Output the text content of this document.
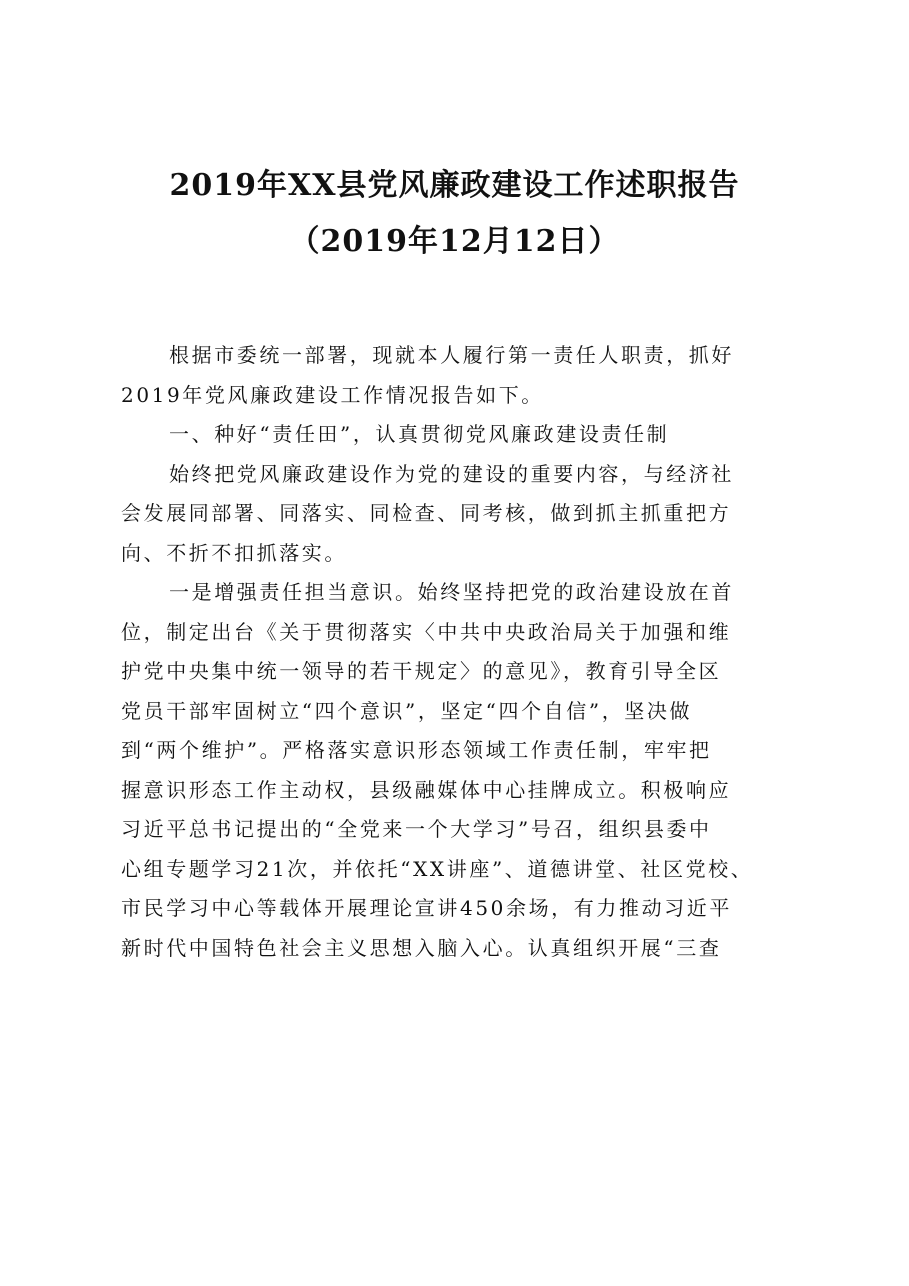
2019年XX县党风廉政建设工作述职报告
（2019年12月12日）

根据市委统一部署，现就本人履行第一责任人职责，抓好
2019年党风廉政建设工作情况报告如下。

一、种好“责任田”，认真贯彻党风廉政建设责任制

始终把党风廉政建设作为党的建设的重要内容，与经济社
会发展同部署、同落实、同检查、同考核，做到抓主抓重把方
向、不折不扣抓落实。

一是增强责任担当意识。始终坚持把党的政治建设放在首
位，制定出台《关于贯彻落实〈中共中央政治局关于加强和维
护党中央集中统一领导的若干规定〉的意见》，教育引导全区
党员干部牢固树立“四个意识”，坚定“四个自信”，坚决做
到“两个维护”。严格落实意识形态领域工作责任制，牢牢把
握意识形态工作主动权，县级融媒体中心挂牌成立。积极响应
习近平总书记提出的“全党来一个大学习”号召，组织县委中
心组专题学习21次，并依托“XX讲座”、道德讲堂、社区党校、
市民学习中心等载体开展理论宣讲450余场，有力推动习近平
新时代中国特色社会主义思想入脑入心。认真组织开展“三查
